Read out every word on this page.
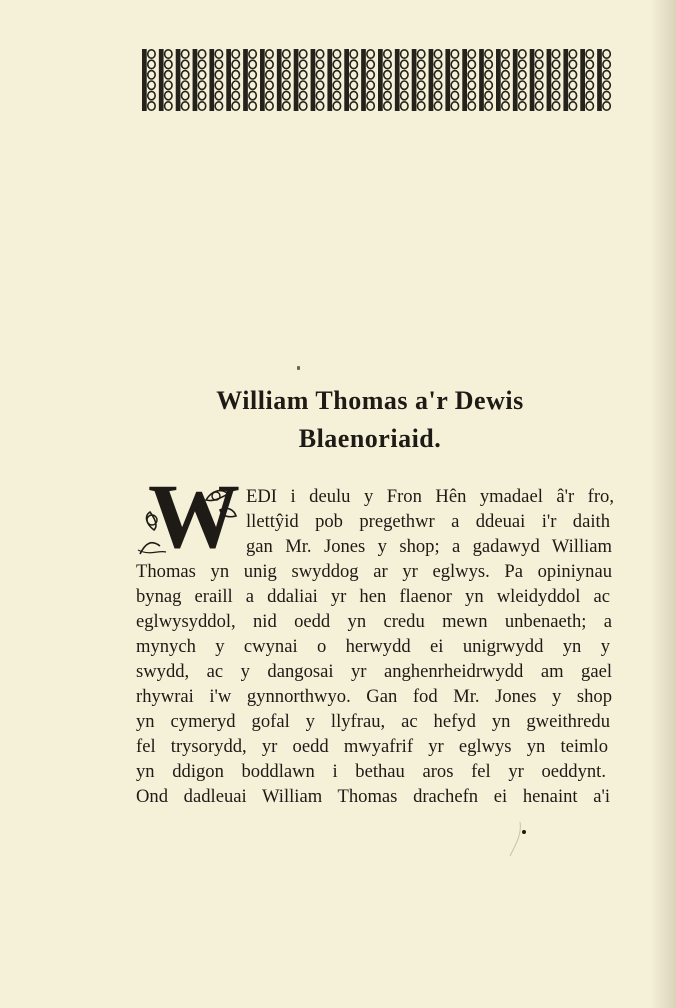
William Thomas a'r Dewis
Blaenoriaid.
W EDI i deulu y Fron Hên ymadael â'r fro,
llettŷid pob pregethwr a ddeuai i'r daith
gan Mr. Jones y shop; a gadawyd William
Thomas yn unig swyddog ar yr eglwys. Pa opiniynau
bynag eraill a ddaliai yr hen flaenor yn wleidyddol ac
eglwysyddol, nid oedd yn credu mewn unbenaeth; a
mynych y cwynai o herwydd ei unigrwydd yn y
swydd, ac y dangosai yr anghenrheidrwydd am gael
rhywrai i'w gynnorthwyo. Gan fod Mr. Jones y shop
yn cymeryd gofal y llyfrau, ac hefyd yn gweithredu
fel trysorydd, yr oedd mwyafrif yr eglwys yn teimlo
yn ddigon boddlawn i bethau aros fel yr oeddynt.
Ond dadleuai William Thomas drachefn ei henaint a'i
